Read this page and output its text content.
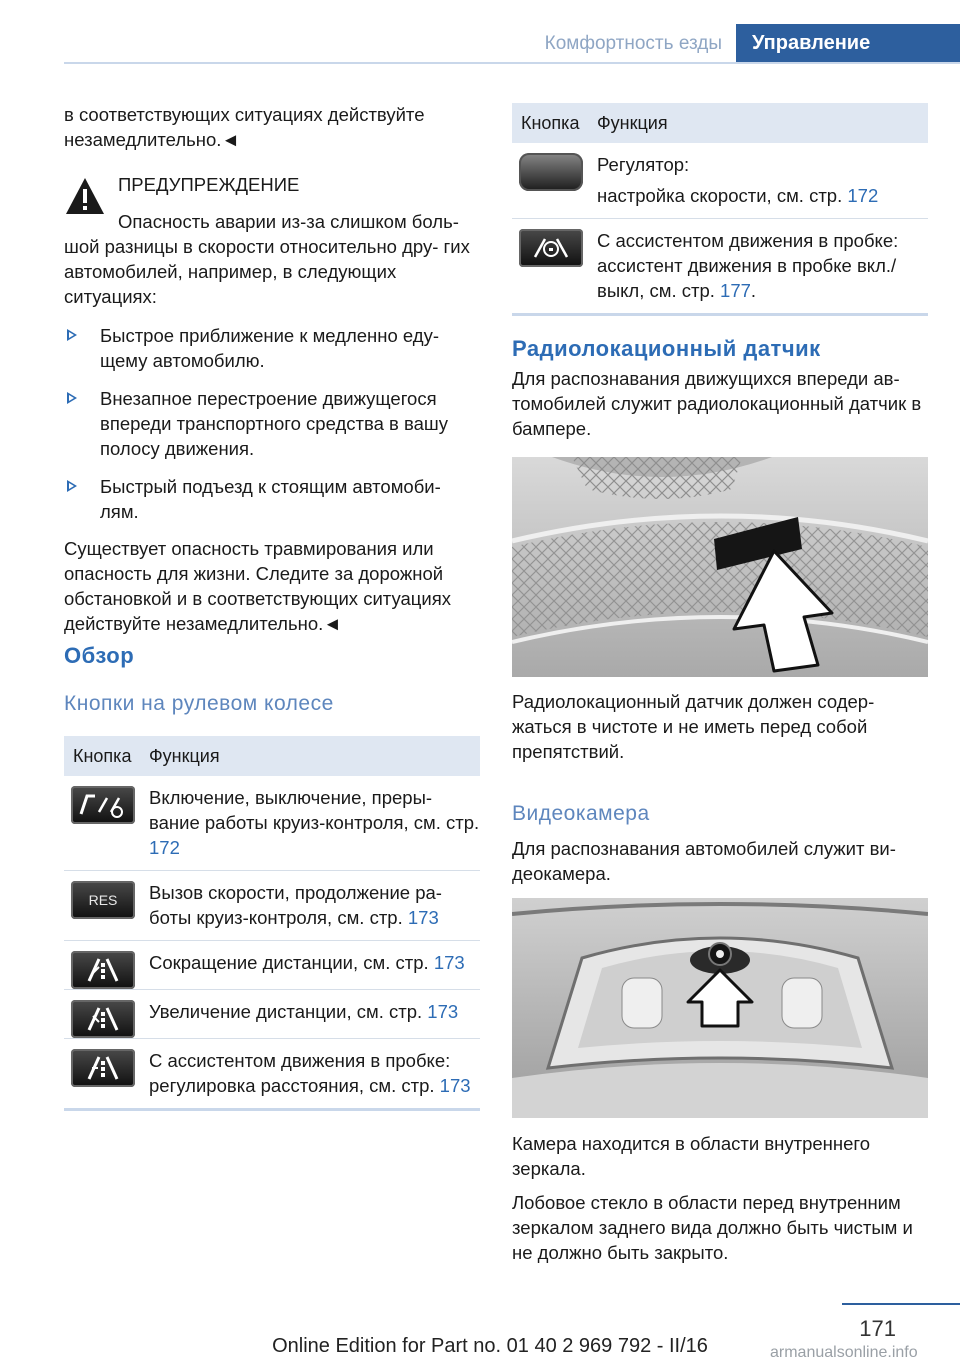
Комфортность езды	Управление

в соответствующих ситуациях действуйте незамедлительно.◄

ПРЕДУПРЕЖДЕНИЕ

Опасность аварии из-за слишком боль- шой разницы в скорости относительно дру- гих автомобилей, например, в следующих ситуациях:

Быстрое приближение к медленно еду- щему автомобилю.
Внезапное перестроение движущегося впереди транспортного средства в вашу полосу движения.
Быстрый подъезд к стоящим автомоби- лям.

Существует опасность травмирования или опасность для жизни. Следите за дорожной обстановкой и в соответствующих ситуациях действуйте незамедлительно.◄

Обзор
Кнопки на рулевом колесе
Кнопка	Функция

	Включение, выключение, преры- вание работы круиз-контроля, см. стр. 172

RES	Вызов скорости, продолжение ра- боты круиз-контроля, см. стр. 173

	Сокращение дистанции, см. стр. 173

	Увеличение дистанции, см. стр. 173

	С ассистентом движения в пробке: регулировка расстояния, см. стр. 173
Кнопка	Функция

	Регулятор:
настройка скорости, см. стр. 172

	С ассистентом движения в пробке: ассистент движения в пробке вкл./ выкл, см. стр. 177.
Радиолокационный датчик

Для распознавания движущихся впереди ав- томобилей служит радиолокационный датчик в бампере.

Радиолокационный датчик должен содер- жаться в чистоте и не иметь перед собой препятствий.

Видеокамера

Для распознавания автомобилей служит ви- деокамера.

Камера находится в области внутреннего зеркала.

Лобовое стекло в области перед внутренним зеркалом заднего вида должно быть чистым и не должно быть закрыто.

171
Online Edition for Part no. 01 40 2 969 792 - II/16	armanualsonline.info
